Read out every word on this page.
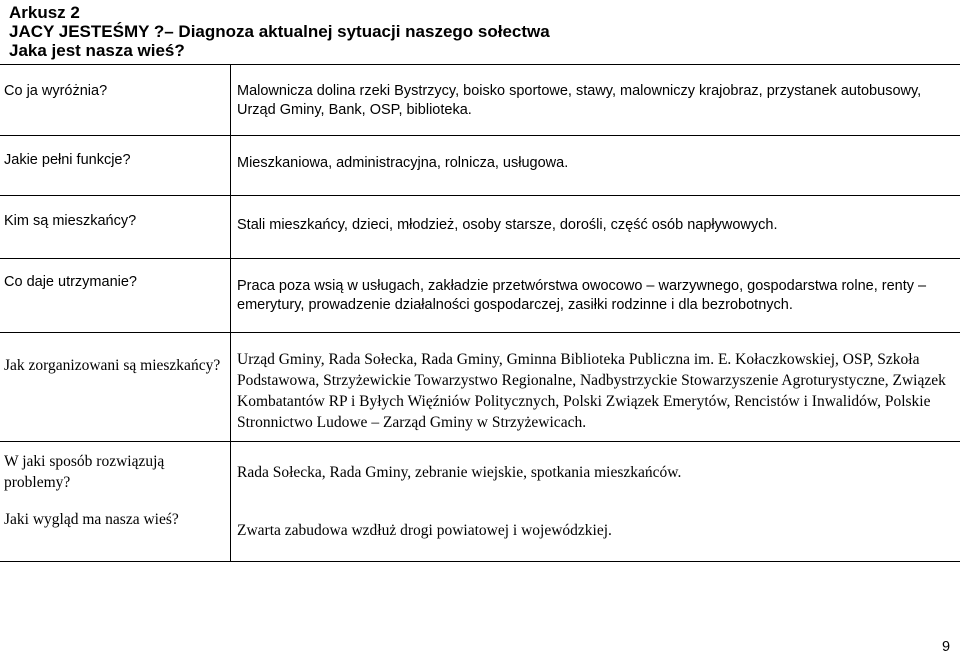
Arkusz 2
JACY JESTEŚMY ?– Diagnoza aktualnej sytuacji naszego sołectwa
Jaka jest nasza wieś?
Co ja wyróżnia?	Malownicza dolina rzeki Bystrzycy, boisko sportowe, stawy, malowniczy krajobraz, przystanek autobusowy, Urząd Gminy, Bank, OSP, biblioteka.
Jakie pełni funkcje?	Mieszkaniowa, administracyjna, rolnicza, usługowa.
Kim są mieszkańcy?	Stali mieszkańcy, dzieci, młodzież, osoby starsze, dorośli, część osób napływowych.
Co daje utrzymanie?	Praca poza wsią w usługach, zakładzie przetwórstwa owocowo – warzywnego, gospodarstwa rolne, renty – emerytury, prowadzenie działalności gospodarczej, zasiłki rodzinne i dla bezrobotnych.
Jak zorganizowani są mieszkańcy? Urząd Gminy, Rada Sołecka, Rada Gminy, Gminna Biblioteka Publiczna im. E. Kołaczkowskiej, OSP, Szkoła Podstawowa, Strzyżewickie Towarzystwo Regionalne, Nadbystrzyckie Stowarzyszenie Agroturystyczne, Związek Kombatantów RP i Byłych Więźniów Politycznych, Polski Związek Emerytów, Rencistów i Inwalidów, Polskie Stronnictwo Ludowe – Zarząd Gminy w Strzyżewicach.
W jaki sposób rozwiązują problemy?
Rada Sołecka, Rada Gminy, zebranie wiejskie, spotkania mieszkańców.
Jaki wygląd ma nasza wieś?
Zwarta zabudowa wzdłuż drogi powiatowej i wojewódzkiej.
9
